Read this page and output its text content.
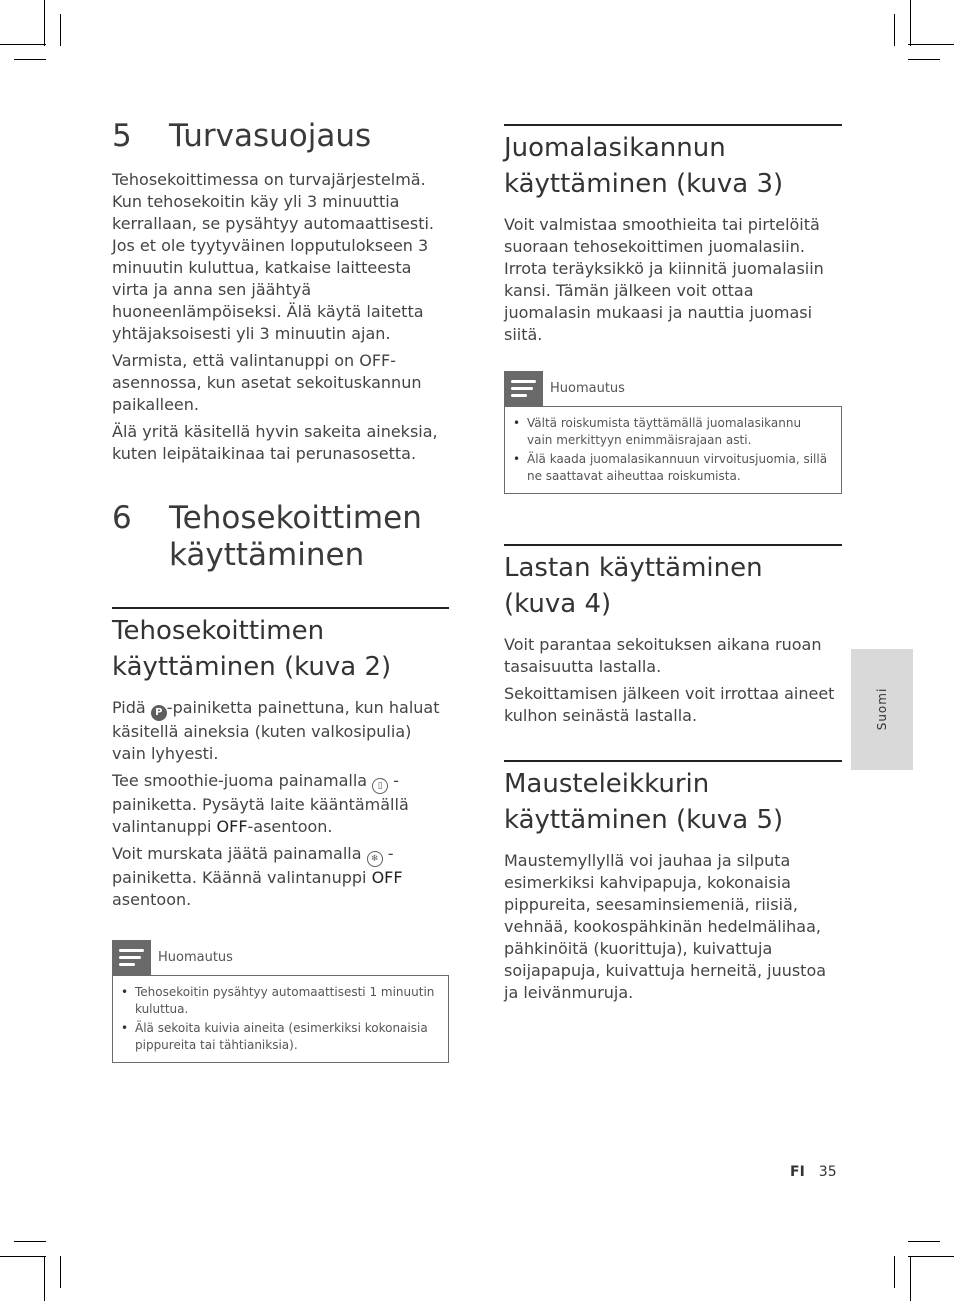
5	Turvasuojaus

Tehosekoittimessa on turvajärjestelmä. Kun tehosekoitin käy yli 3 minuuttia kerrallaan, se pysähtyy automaattisesti. Jos et ole tyytyväinen lopputulokseen 3 minuutin kuluttua, katkaise laitteesta virta ja anna sen jäähtyä huoneenlämpöiseksi. Älä käytä laitetta yhtäjaksoisesti yli 3 minuutin ajan.

Varmista, että valintanuppi on OFF-asennossa, kun asetat sekoituskannun paikalleen.

Älä yritä käsitellä hyvin sakeita aineksia, kuten leipätaikinaa tai perunasosetta.

6	Tehosekoittimen käyttäminen
Tehosekoittimen käyttäminen (kuva 2)

Pidä P -painiketta painettuna, kun haluat käsitellä aineksia (kuten valkosipulia) vain lyhyesti.

Tee smoothie-juoma painamalla ▯ -painiketta. Pysäytä laite kääntämällä valintanuppi OFF-asentoon.

Voit murskata jäätä painamalla ❄ -painiketta. Käännä valintanuppi OFF asentoon.

Huomautus
• Tehosekoitin pysähtyy automaattisesti 1 minuutin kuluttua.
• Älä sekoita kuivia aineita (esimerkiksi kokonaisia pippureita tai tähtianiksia).
Juomalasikannun käyttäminen (kuva 3)

Voit valmistaa smoothieita tai pirtelöitä suoraan tehosekoittimen juomalasiin. Irrota teräyksikkö ja kiinnitä juomalasiin kansi. Tämän jälkeen voit ottaa juomalasin mukaasi ja nauttia juomasi siitä.

Huomautus
• Vältä roiskumista täyttämällä juomalasikannu vain merkittyyn enimmäisrajaan asti.
• Älä kaada juomalasikannuun virvoitusjuomia, sillä ne saattavat aiheuttaa roiskumista.
Lastan käyttäminen (kuva 4)

Voit parantaa sekoituksen aikana ruoan tasaisuutta lastalla.

Sekoittamisen jälkeen voit irrottaa aineet kulhon seinästä lastalla.

Mausteleikkurin käyttäminen (kuva 5)

Maustemyllyllä voi jauhaa ja silputa esimerkiksi kahvipapuja, kokonaisia pippureita, seesaminsiemeniä, riisiä, vehnää, kookospähkinän hedelmälihaa, pähkinöitä (kuorittuja), kuivattuja soijapapuja, kuivattuja herneitä, juustoa ja leivänmuruja.

Suomi
FI 35
